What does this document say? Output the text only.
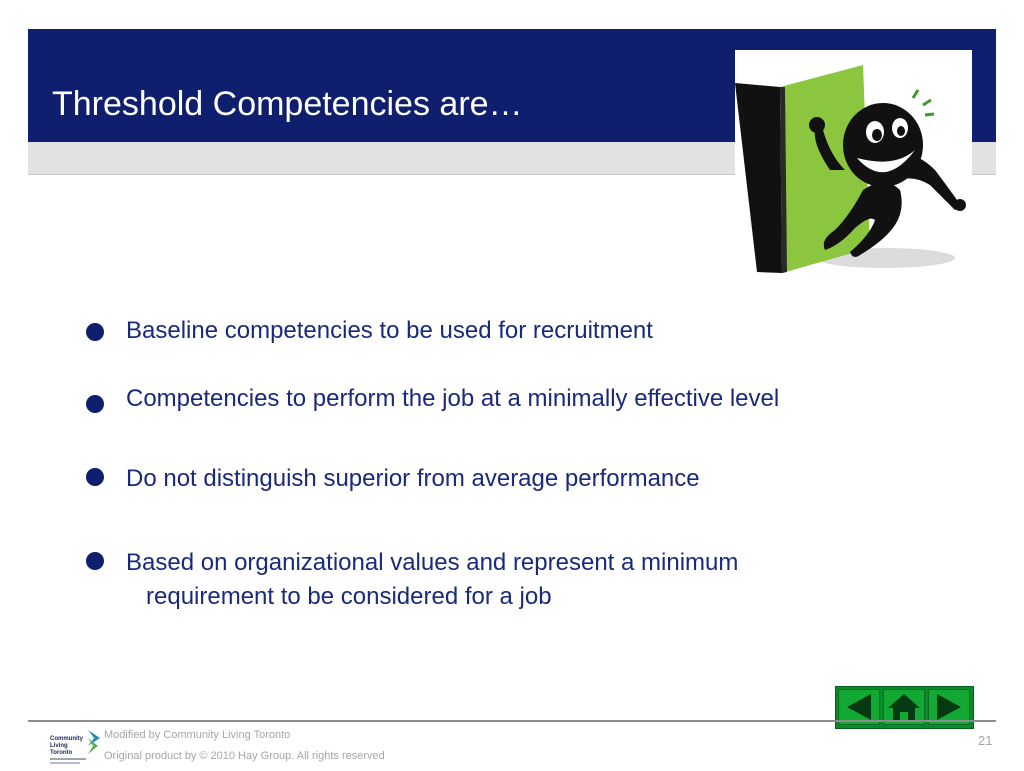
Threshold Competencies are…
Baseline competencies to be used for recruitment
Competencies to perform the job at a minimally effective level
Do not distinguish superior from average performance
Based on organizational values and represent a minimum
requirement to be considered for a job
Community
Living
Toronto
Modified by Community Living Toronto
Original product by © 2010 Hay Group. All rights reserved
21
